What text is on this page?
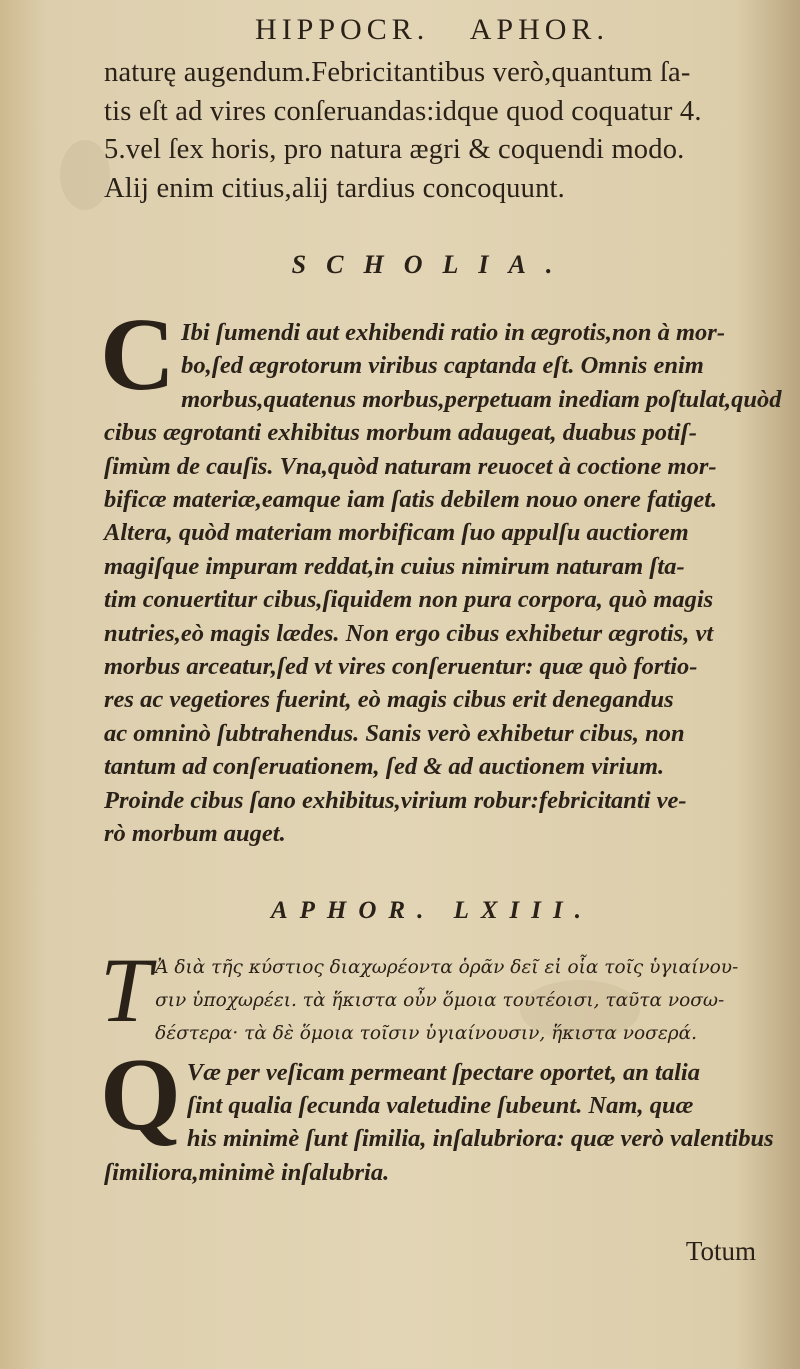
HIPPOCR. APHOR.
naturę augendum.Febricitantibus verò,quantum ſa-
tis eſt ad vires conſeruandas:idque quod coquatur 4.
5.vel ſex horis, pro natura ægri & coquendi modo.
Alij enim citius,alij tardius concoquunt.
SCHOLIA.
C Ibi ſumendi aut exhibendi ratio in ægrotis,non à mor-
bo,ſed ægrotorum viribus captanda eſt. Omnis enim
morbus,quatenus morbus,perpetuam inediam poſtulat,quòd
cibus ægrotanti exhibitus morbum adaugeat, duabus potiſ-
ſimùm de cauſis. Vna,quòd naturam reuocet à coctione mor-
bificæ materiæ,eamque iam ſatis debilem nouo onere fatiget.
Altera, quòd materiam morbificam ſuo appulſu auctiorem
magiſque impuram reddat,in cuius nimirum naturam ſta-
tim conuertitur cibus,ſiquidem non pura corpora, quò magis
nutries,eò magis lædes. Non ergo cibus exhibetur ægrotis, vt
morbus arceatur,ſed vt vires conſeruentur: quæ quò fortio-
res ac vegetiores fuerint, eò magis cibus erit denegandus
ac omninò ſubtrahendus. Sanis verò exhibetur cibus, non
tantum ad conſeruationem, ſed & ad auctionem virium.
Proinde cibus ſano exhibitus,virium robur:febricitanti ve-
rò morbum auget.
APHOR. LXIII.
T Ἀ διὰ τῆς κύστιος διαχωρέοντα ὁρᾶν δεῖ εἰ οἷα τοῖς ὑγιαίνου-
σιν ὑποχωρέει. τὰ ἥκιστα οὖν ὅμοια τουτέοισι, ταῦτα νοσω-
δέστερα· τὰ δὲ ὅμοια τοῖσιν ὑγιαίνουσιν, ἥκιστα νοσερά.
Q Væ per veſicam permeant ſpectare oportet, an talia
ſint qualia ſecunda valetudine ſubeunt. Nam, quæ
his minimè ſunt ſimilia, inſalubriora: quæ verò valentibus
ſimiliora,minimè inſalubria.
Totum
